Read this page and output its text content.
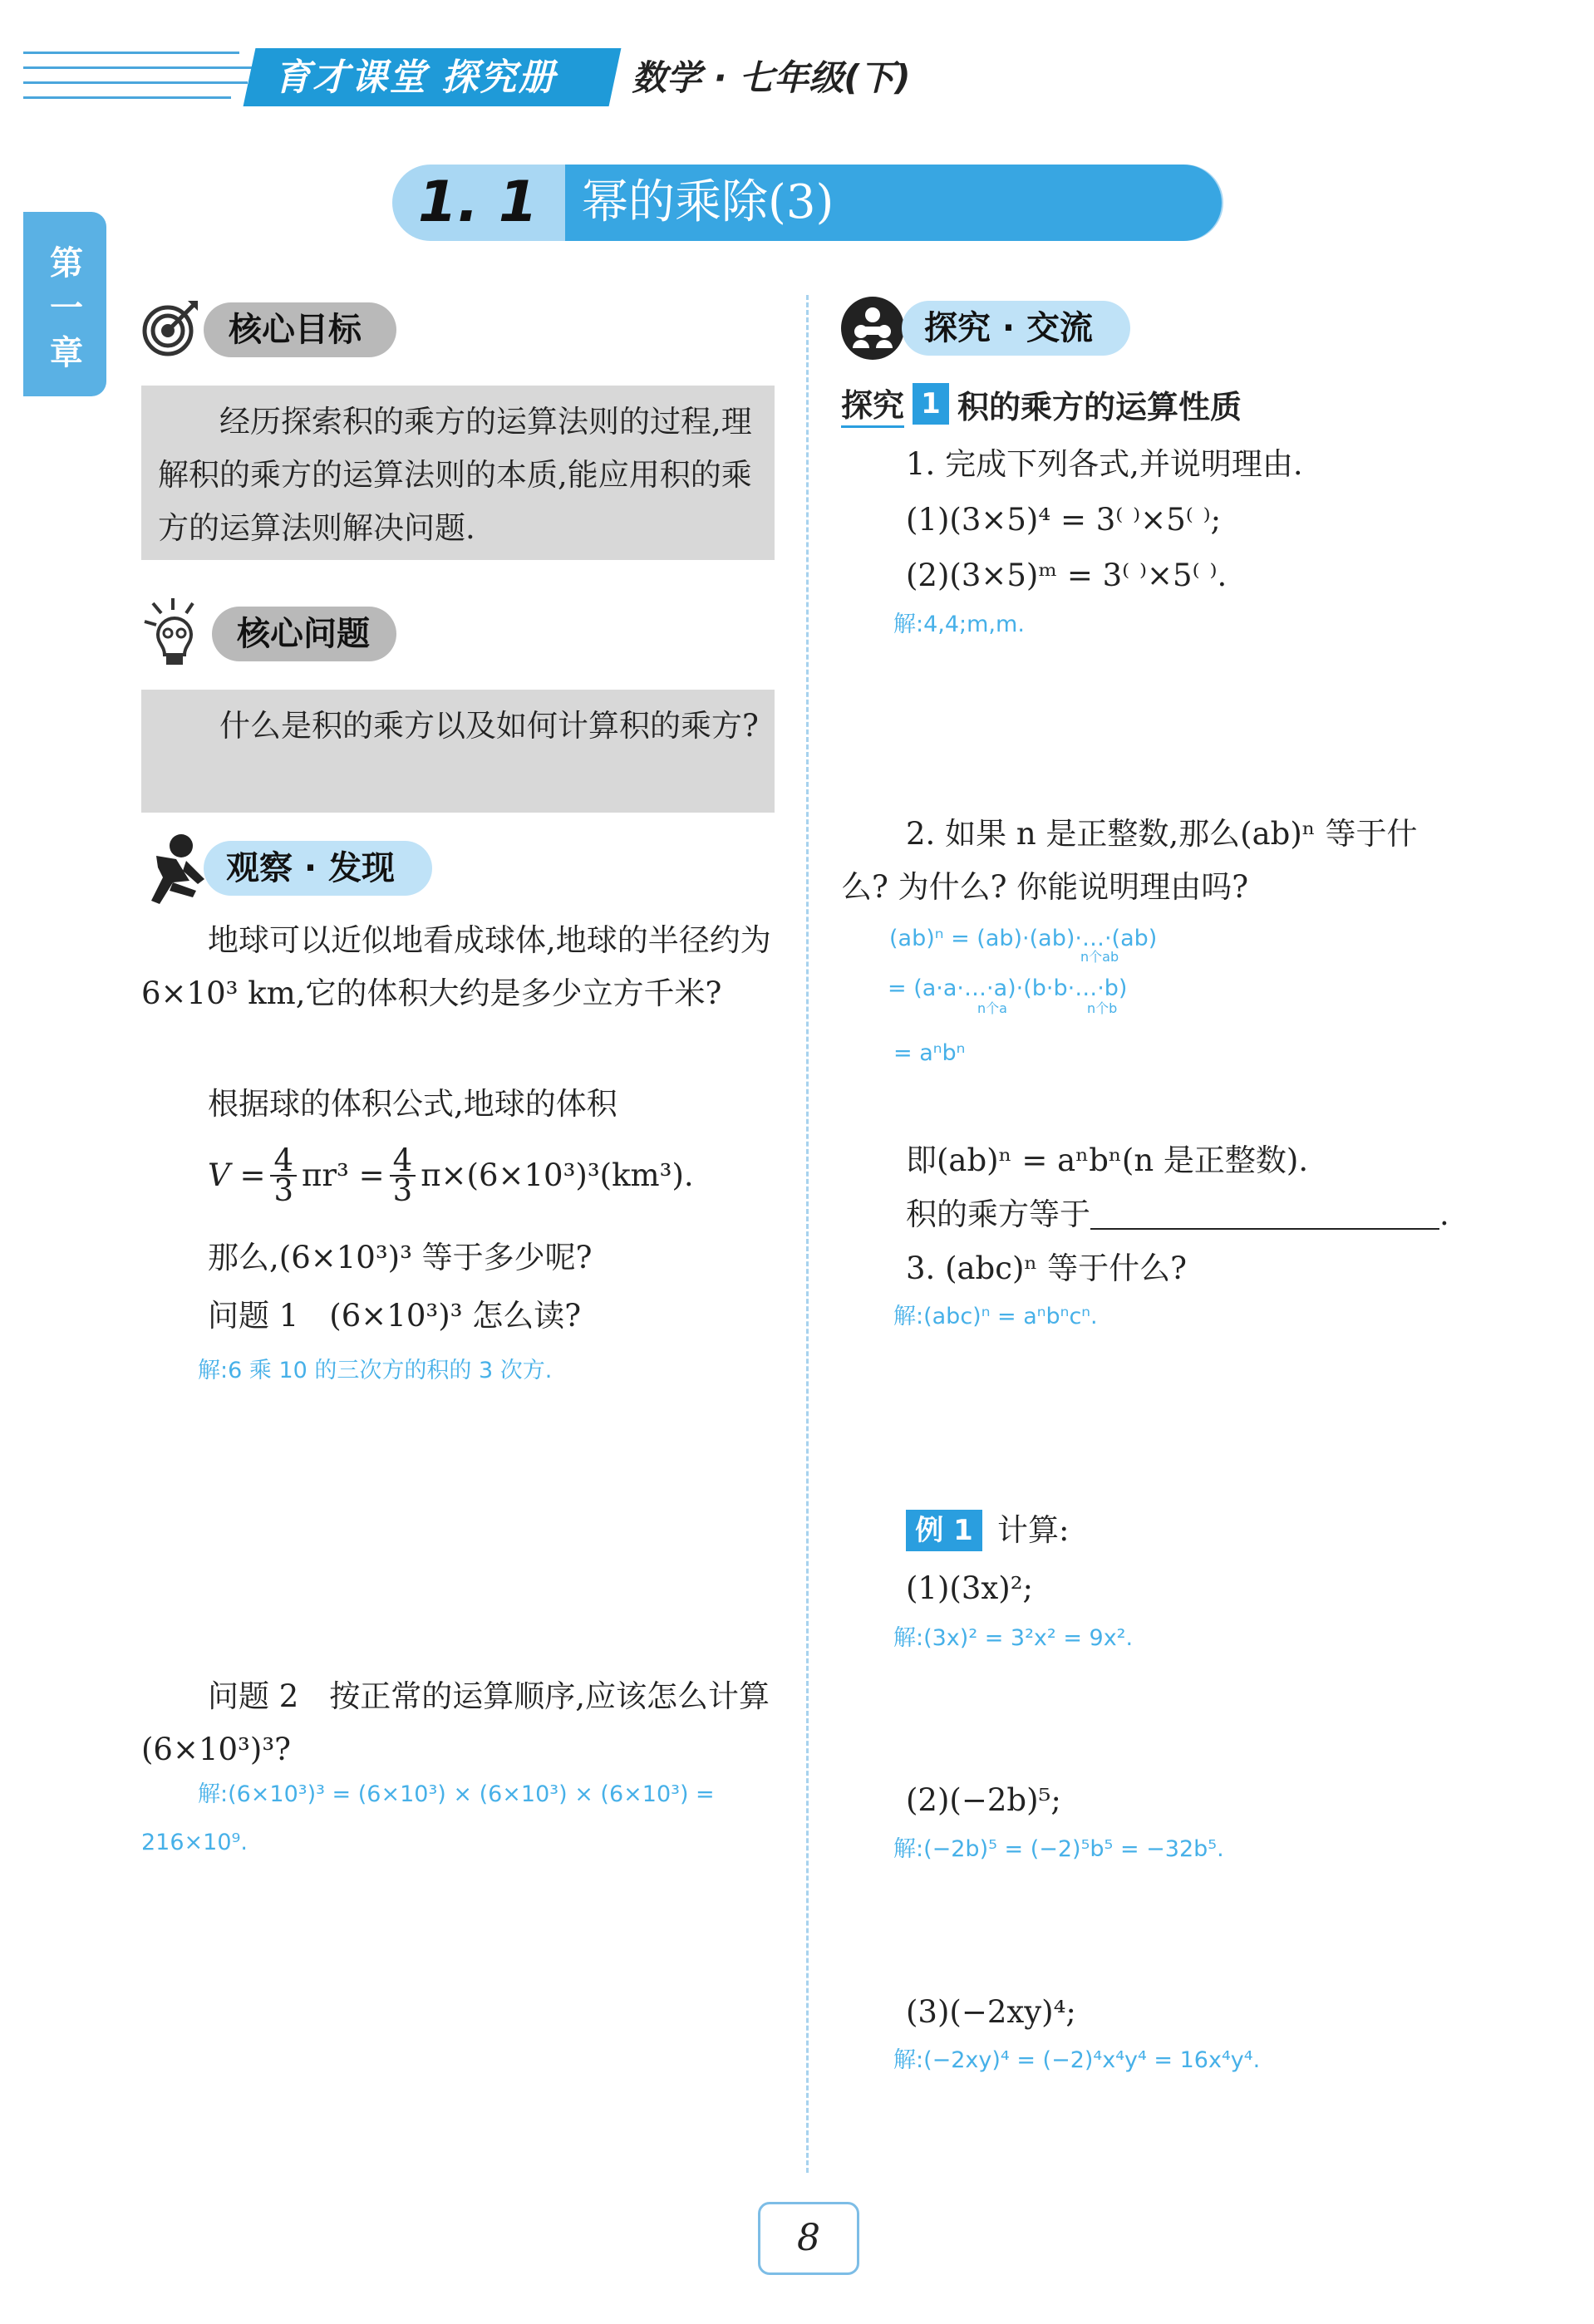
育才课堂 探究册	数学 · 七年级(下)
第一章
1. 1 幂的乘除(3)
核心目标
经历探索积的乘方的运算法则的过程,理解积的乘方的运算法则的本质,能应用积的乘方的运算法则解决问题.
核心问题
什么是积的乘方以及如何计算积的乘方?
观察 · 发现
地球可以近似地看成球体,地球的半径约为6×10³ km,它的体积大约是多少立方千米?
根据球的体积公式,地球的体积
$V = \frac{4}{3} \pi r^3 = \frac{4}{3} \pi\times(6\times 10^3)^3(km^3)$.
那么,(6×10³)³ 等于多少呢?
问题 1　(6×10³)³ 怎么读?
解:6 乘 10 的三次方的积的 3 次方.
问题 2　按正常的运算顺序,应该怎么计算(6×10³)³?
解:(6×10³)³ = (6×10³) × (6×10³) × (6×10³) =
216×10⁹.
探究 · 交流
探究 1 积的乘方的运算性质
1. 完成下列各式,并说明理由.
(1)(3×5)⁴ = 3⁽ ⁾×5⁽ ⁾;
(2)(3×5)ᵐ = 3⁽ ⁾×5⁽ ⁾.
解:4,4;m,m.
2. 如果 n 是正整数,那么(ab)ⁿ 等于什
么? 为什么? 你能说明理由吗?
(ab)ⁿ = (ab)·(ab)·…·(ab)
n个ab
= (a·a·…·a)·(b·b·…·b)
n个a　　　　　　n个b
= aⁿbⁿ
即(ab)ⁿ = aⁿbⁿ(n 是正整数).
积的乘方等于	.
3. (abc)ⁿ 等于什么?
解:(abc)ⁿ = aⁿbⁿcⁿ.
例 1 计算:
(1)(3x)²;
解:(3x)² = 3²x² = 9x².
(2)(−2b)⁵;
解:(−2b)⁵ = (−2)⁵b⁵ = −32b⁵.
(3)(−2xy)⁴;
解:(−2xy)⁴ = (−2)⁴x⁴y⁴ = 16x⁴y⁴.
8
